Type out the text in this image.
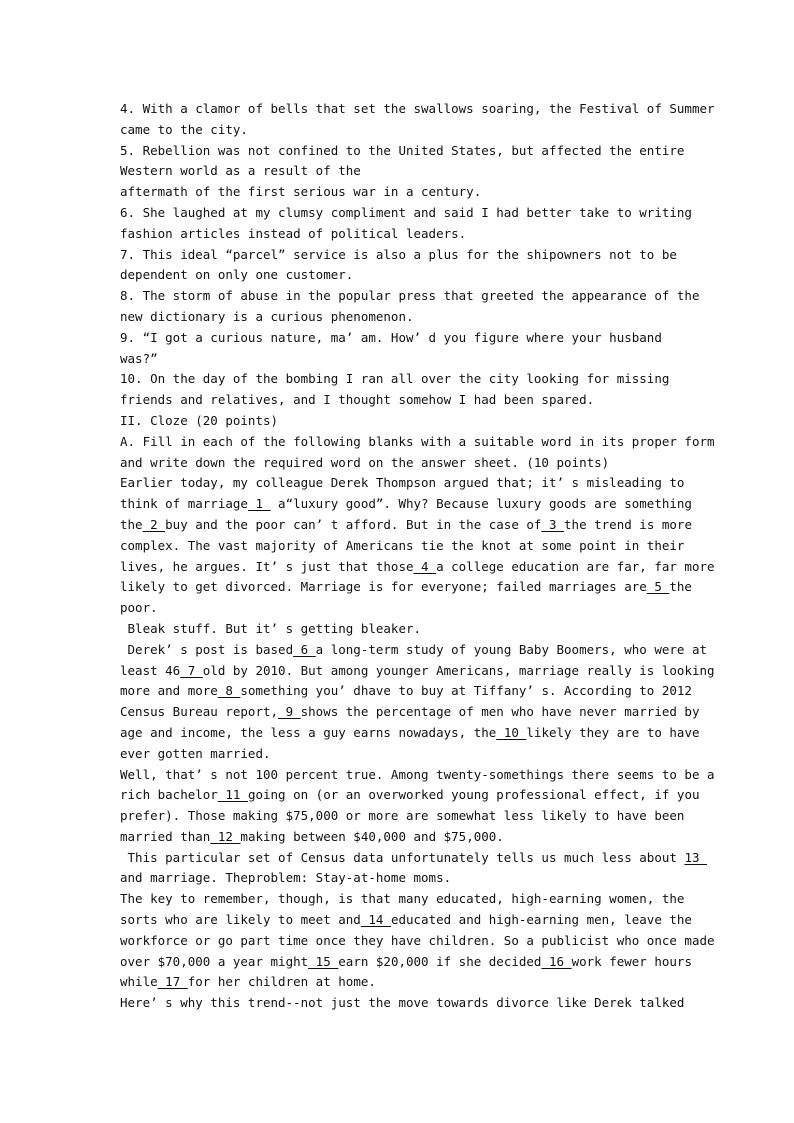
4. With a clamor of bells that set the swallows soaring, the Festival of Summer
came to the city.
5. Rebellion was not confined to the United States, but affected the entire
Western world as a result of the
aftermath of the first serious war in a century.
6. She laughed at my clumsy compliment and said I had better take to writing
fashion articles instead of political leaders.
7. This ideal “parcel” service is also a plus for the shipowners not to be
dependent on only one customer.
8. The storm of abuse in the popular press that greeted the appearance of the
new dictionary is a curious phenomenon.
9. “I got a curious nature, ma’ am. How’ d you figure where your husband
was?”
10. On the day of the bombing I ran all over the city looking for missing
friends and relatives, and I thought somehow I had been spared.
II. Cloze (20 points)
A. Fill in each of the following blanks with a suitable word in its proper form
and write down the required word on the answer sheet. (10 points)
Earlier today, my colleague Derek Thompson argued that; it’ s misleading to
think of marriage_1_ a“luxury good”. Why? Because luxury goods are something
the_2_buy and the poor can’ t afford. But in the case of_3_the trend is more
complex. The vast majority of Americans tie the knot at some point in their
lives, he argues. It’ s just that those_4_a college education are far, far more
likely to get divorced. Marriage is for everyone; failed marriages are_5_the
poor.
Bleak stuff. But it’ s getting bleaker.
Derek’ s post is based_6_a long-term study of young Baby Boomers, who were at
least 46_7_old by 2010. But among younger Americans, marriage really is looking
more and more_8_something you’ dhave to buy at Tiffany’ s. According to 2012
Census Bureau report,_9_shows the percentage of men who have never married by
age and income, the less a guy earns nowadays, the_10_likely they are to have
ever gotten married.
Well, that’ s not 100 percent true. Among twenty-somethings there seems to be a
rich bachelor_11_going on (or an overworked young professional effect, if you
prefer). Those making $75,000 or more are somewhat less likely to have been
married than_12_making between $40,000 and $75,000.
This particular set of Census data unfortunately tells us much less about 13_
and marriage. Theproblem: Stay-at-home moms.
The key to remember, though, is that many educated, high-earning women, the
sorts who are likely to meet and_14_educated and high-earning men, leave the
workforce or go part time once they have children. So a publicist who once made
over $70,000 a year might_15_earn $20,000 if she decided_16_work fewer hours
while_17_for her children at home.
Here’ s why this trend--not just the move towards divorce like Derek talked
